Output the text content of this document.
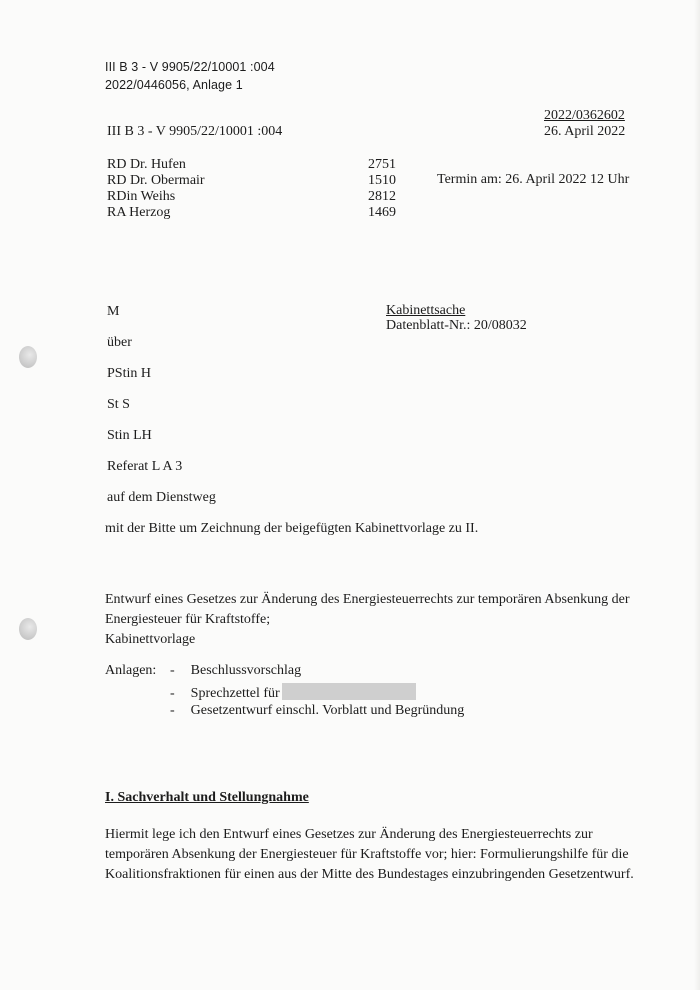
III B 3 - V 9905/22/10001 :004
2022/0446056, Anlage 1
2022/0362602
26. April 2022
III B 3 - V 9905/22/10001 :004
RD Dr. Hufen	2751
RD Dr. Obermair	1510
RDin Weihs	2812
RA Herzog	1469
Termin am: 26. April 2022 12 Uhr
M
über
PStin H
St S
Stin LH
Referat L A 3
auf dem Dienstweg
Kabinettsache
Datenblatt-Nr.: 20/08032
mit der Bitte um Zeichnung der beigefügten Kabinettvorlage zu II.
Entwurf eines Gesetzes zur Änderung des Energiesteuerrechts zur temporären Absenkung der
Energiesteuer für Kraftstoffe;
Kabinettvorlage
Anlagen: - Beschlussvorschlag
- Sprechzettel für
- Gesetzentwurf einschl. Vorblatt und Begründung
I. Sachverhalt und Stellungnahme
Hiermit lege ich den Entwurf eines Gesetzes zur Änderung des Energiesteuerrechts zur
temporären Absenkung der Energiesteuer für Kraftstoffe vor; hier: Formulierungshilfe für die
Koalitionsfraktionen für einen aus der Mitte des Bundestages einzubringenden Gesetzentwurf.
